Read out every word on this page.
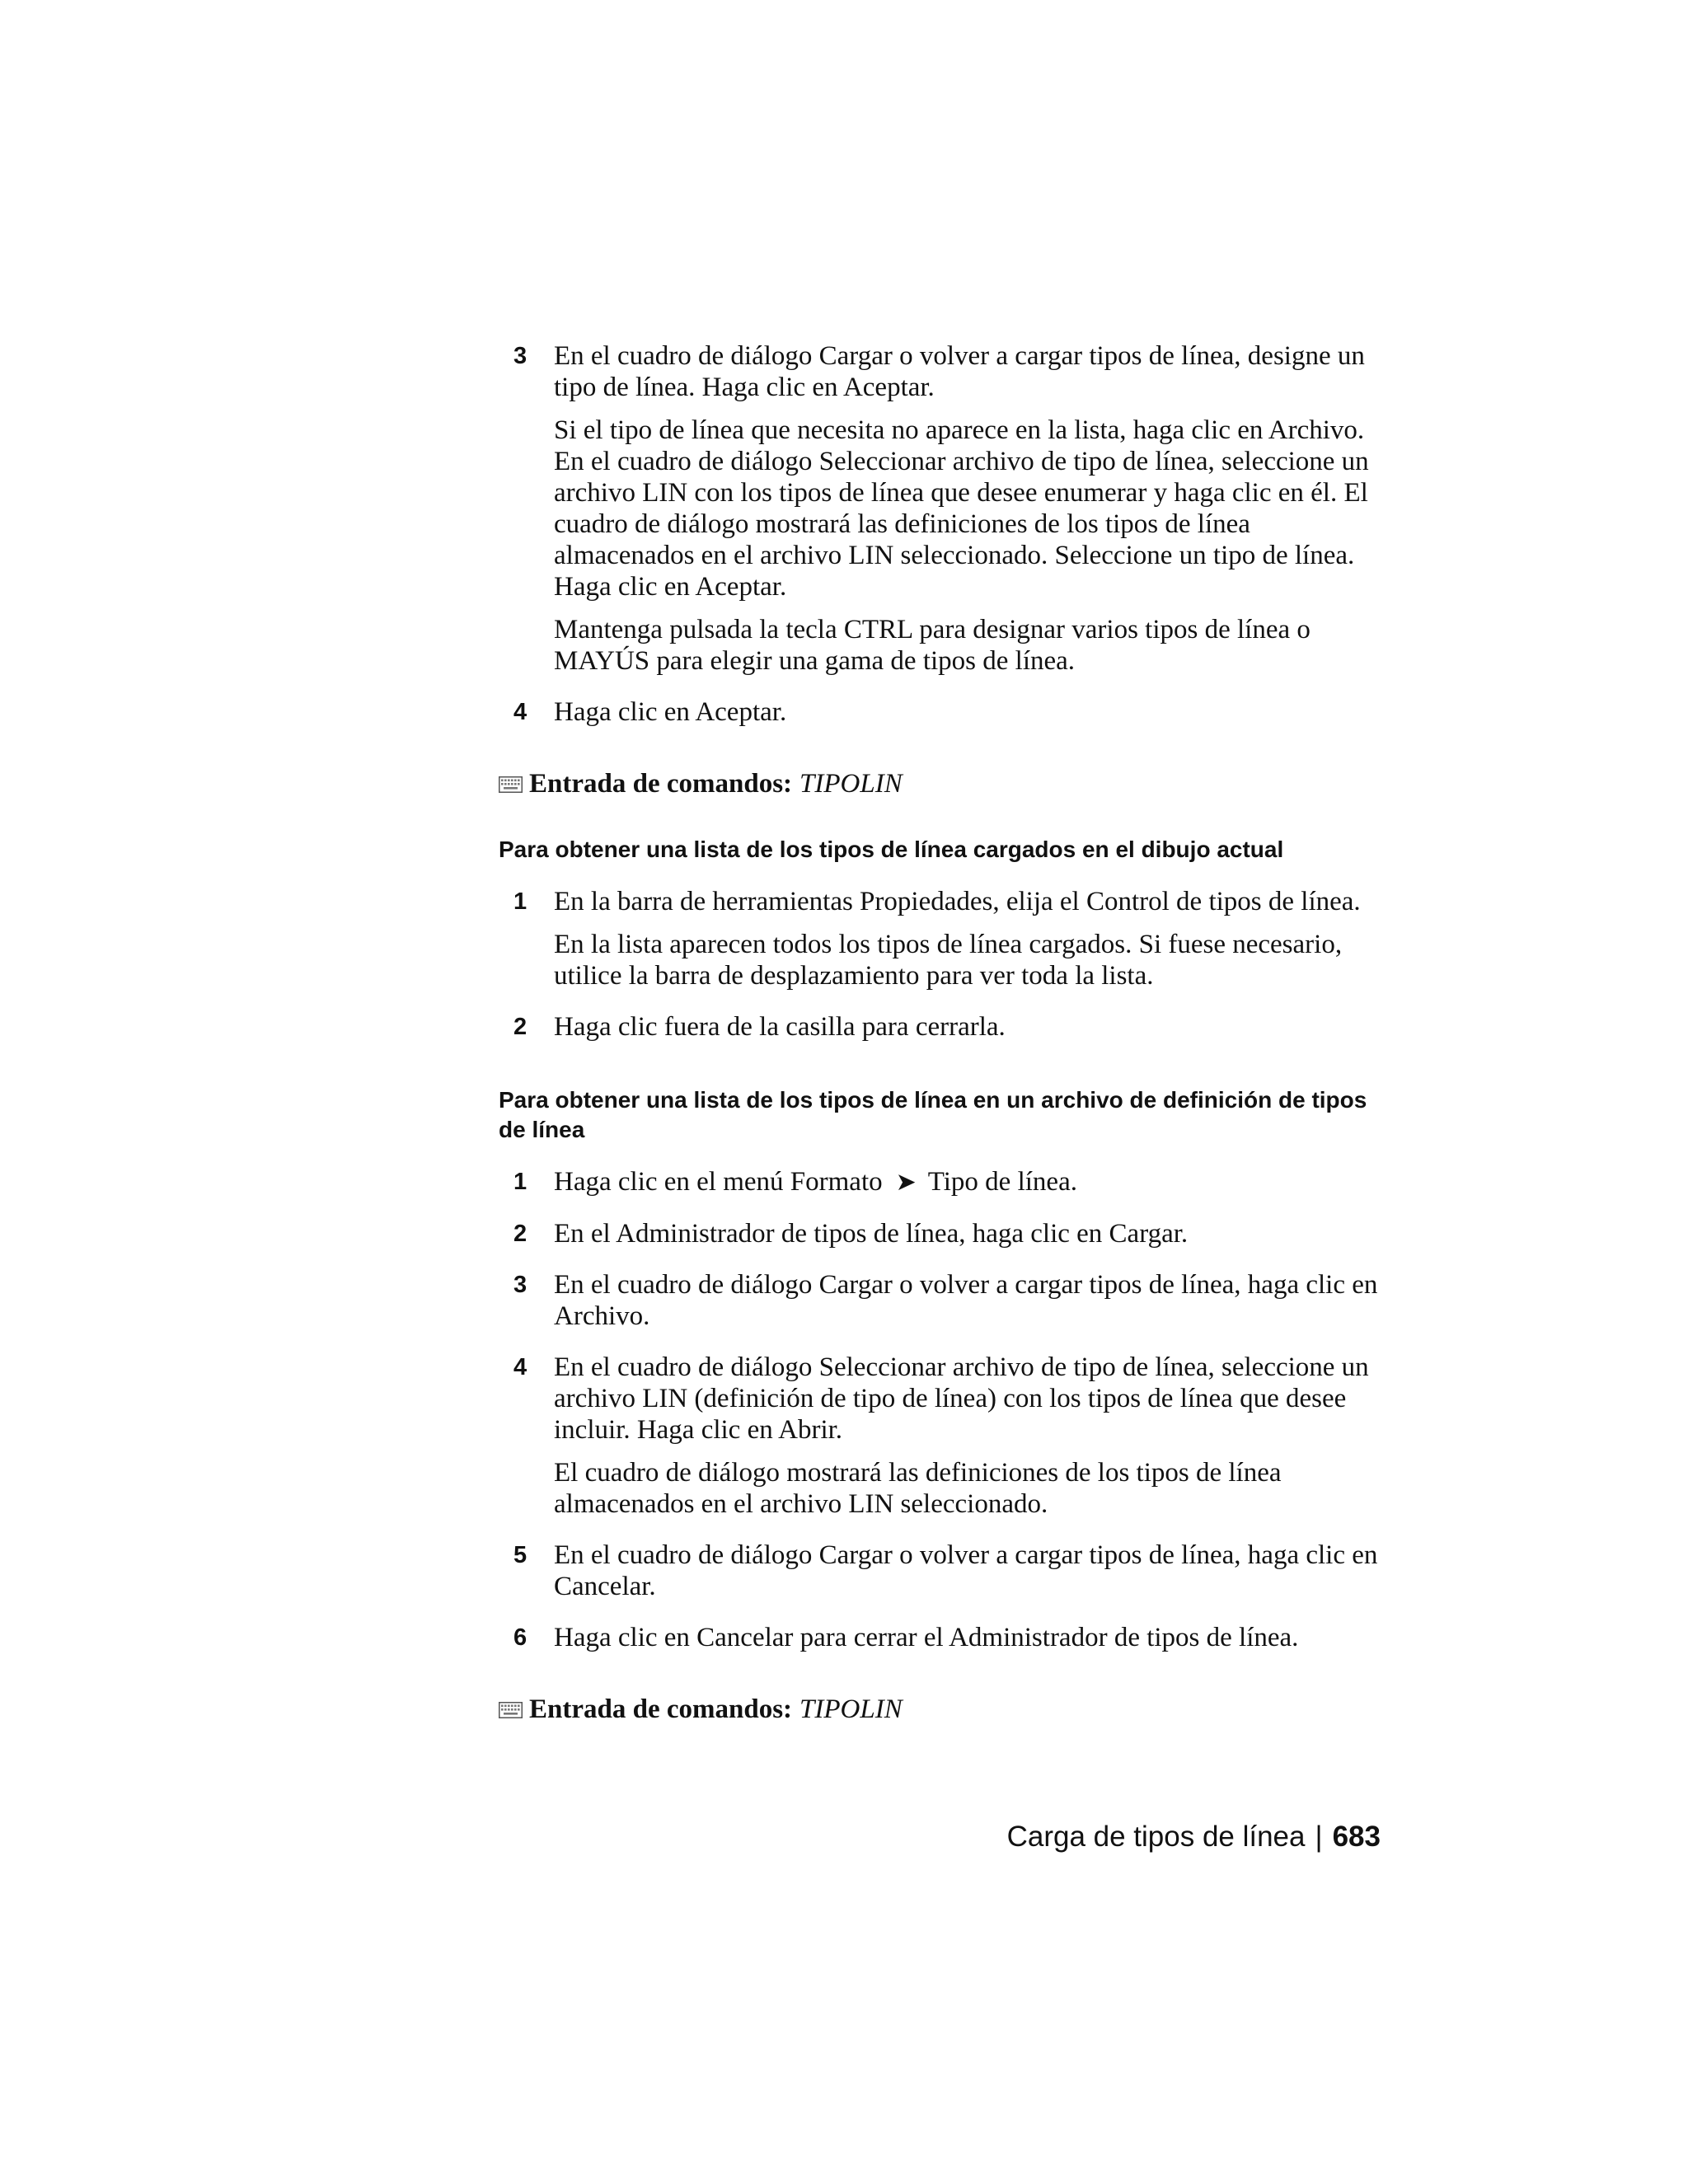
3 En el cuadro de diálogo Cargar o volver a cargar tipos de línea, designe un tipo de línea. Haga clic en Aceptar.

Si el tipo de línea que necesita no aparece en la lista, haga clic en Archivo. En el cuadro de diálogo Seleccionar archivo de tipo de línea, seleccione un archivo LIN con los tipos de línea que desee enumerar y haga clic en él. El cuadro de diálogo mostrará las definiciones de los tipos de línea almacenados en el archivo LIN seleccionado. Seleccione un tipo de línea. Haga clic en Aceptar.

Mantenga pulsada la tecla CTRL para designar varios tipos de línea o MAYÚS para elegir una gama de tipos de línea.

4 Haga clic en Aceptar.

Entrada de comandos: TIPOLIN
Para obtener una lista de los tipos de línea cargados en el dibujo actual
1 En la barra de herramientas Propiedades, elija el Control de tipos de línea.

En la lista aparecen todos los tipos de línea cargados. Si fuese necesario, utilice la barra de desplazamiento para ver toda la lista.

2 Haga clic fuera de la casilla para cerrarla.

Para obtener una lista de los tipos de línea en un archivo de definición de tipos de línea
1 Haga clic en el menú Formato ➤ Tipo de línea.

2 En el Administrador de tipos de línea, haga clic en Cargar.

3 En el cuadro de diálogo Cargar o volver a cargar tipos de línea, haga clic en Archivo.

4 En el cuadro de diálogo Seleccionar archivo de tipo de línea, seleccione un archivo LIN (definición de tipo de línea) con los tipos de línea que desee incluir. Haga clic en Abrir.

El cuadro de diálogo mostrará las definiciones de los tipos de línea almacenados en el archivo LIN seleccionado.

5 En el cuadro de diálogo Cargar o volver a cargar tipos de línea, haga clic en Cancelar.

6 Haga clic en Cancelar para cerrar el Administrador de tipos de línea.

Entrada de comandos: TIPOLIN
Carga de tipos de línea | 683
